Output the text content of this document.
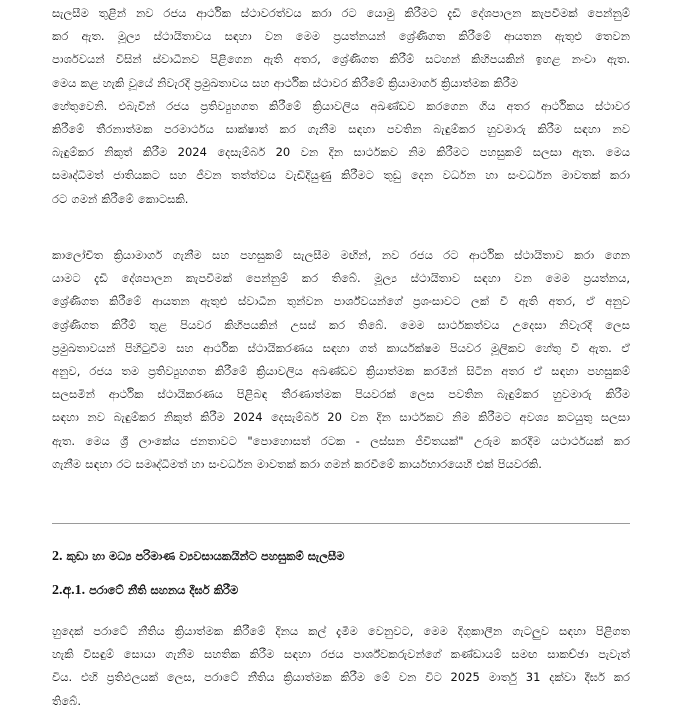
සැලසීම තුළින් නව රජය ආර්ථික ස්ථාවරත්වය කරා රට යොමු කිරීමට දැඩි දේශපාලන කැපවීමක් පෙන්නුම්
කර ඇත. මූල්‍ය ස්ථායිතාවය සඳහා වන මෙම ප්‍රයත්නයන් ශ්‍රේණිගත කිරීමේ ආයතන ඇතුළු තෙවන
පාර්ශවයන් විසින් ස්වාධීනව පිළිගෙන ඇති අතර, ශ්‍රේණිගත කිරීම් සටහන් කිහිපයකින් ඉහළ නංවා ඇත.
මෙය කළ හැකි වූයේ නිවැරදි ප්‍රමුඛතාවය සහ ආර්ථික ස්ථාවර කිරීමේ ක්‍රියාමාර්ග ක්‍රියාත්මක කිරීම
හේතුවෙනි. එබැවින් රජය ප්‍රතිව්‍යුහගත කිරීමේ ක්‍රියාවලිය අඛණ්ඩව කරගෙන ගිය අතර ආර්ථිකය ස්ථාවර
කිරීමේ තීරනාත්මක පරමාර්ථය සාක්ෂාත් කර ගැනීම සඳහා පවතින බැඳුම්කර හුවමාරු කිරීම සඳහා නව
බැඳුම්කර නිකුත් කිරීම 2024 දෙසැම්බර් 20 වන දින සාර්ථකව නිම කිරීමට පහසුකම් සලසා ඇත. මෙය
සමෘද්ධිමත් ජාතියකට සහ ජීවන තත්ත්වය වැඩිදියුණු කිරීමට තුඩු දෙන වර්ධන හා සංවර්ධන මාවතක් කරා
රට ගමන් කිරීමේ කොටසකි.
කාලෝචිත ක්‍රියාමාර්ග ගැනීම සහ පහසුකම් සැලසීම මඟින්, නව රජය රට ආර්ථික ස්ථායිතාව කරා ගෙන
යාමට දැඩි දේශපාලන කැපවීමක් පෙන්නුම් කර තිබේ. මූල්‍ය ස්ථායිතාව සඳහා වන මෙම ප්‍රයත්නය,
ශ්‍රේණිගත කිරීමේ ආයතන ඇතුළු ස්වාධීන තුන්වන පාර්ශ්වයන්ගේ ප්‍රශංසාවට ලක් වී ඇති අතර, ඒ අනුව
ශ්‍රේණිගත කිරීම් තුළ පියවර කිහිපයකින් උසස් කර තිබේ. මෙම සාර්ථකත්වය උදෙසා නිවැරදි ලෙස
ප්‍රමුඛතාවයන් පිහිටුවීම සහ ආර්ථික ස්ථායිකරණය සඳහා ගත් කාර්යක්ෂම පියවර මූලිකව හේතු වී ඇත. ඒ
අනුව, රජය තම ප්‍රතිව්‍යුහගත කිරීමේ ක්‍රියාවලිය අඛණ්ඩව ක්‍රියාත්මක කරමින් සිටින අතර ඒ සඳහා පහසුකම්
සලසමින් ආර්ථික ස්ථායිකරණය පිළිබඳ තීරණාත්මක පියවරක් ලෙස පවතින බැඳුම්කර හුවමාරු කිරීම
සඳහා නව බැඳුම්කර නිකුත් කිරීම 2024 දෙසැම්බර් 20 වන දින සාර්ථකව නිම කිරීමට අවශ්‍ය කටයුතු සලසා
ඇත. මෙය ශ්‍රී ලාංකේය ජනතාවට "පොහොසත් රටක - ලස්සන ජීවිතයක්" උරුම කරදීම යථාර්ථයක් කර
ගැනීම සඳහා රට සමෘද්ධිමත් හා සංවර්ධන මාවතක් කරා ගමන් කරවීමේ කාර්යභාරයෙහි එක් පියවරකි.
2. කුඩා හා මධ්‍ය පරිමාණ ව්‍යවසායකයින්ට පහසුකම් සැලසීම
2.අ.1. පරාටේ නීති සහනය දීර්ඝ කිරීම
හුදෙක් පරාටේ නීතිය ක්‍රියාත්මක කිරීමේ දිනය කල් දැමීම වෙනුවට, මෙම දිගුකාලීන ගැටලුව සඳහා පිළිගත
හැකි විසඳුම් සොයා ගැනීම සහතික කිරීම සඳහා රජය පාර්ශ්වකරුවන්ගේ කණ්ඩායම් සමඟ සාකච්ඡා පැවැත්
විය. එහි ප්‍රතිඵලයක් ලෙස, පරාටේ නීතිය ක්‍රියාත්මක කිරීම මේ වන විට 2025 මාර්තු 31 දක්වා දීර්ඝ කර
තිබේ.
